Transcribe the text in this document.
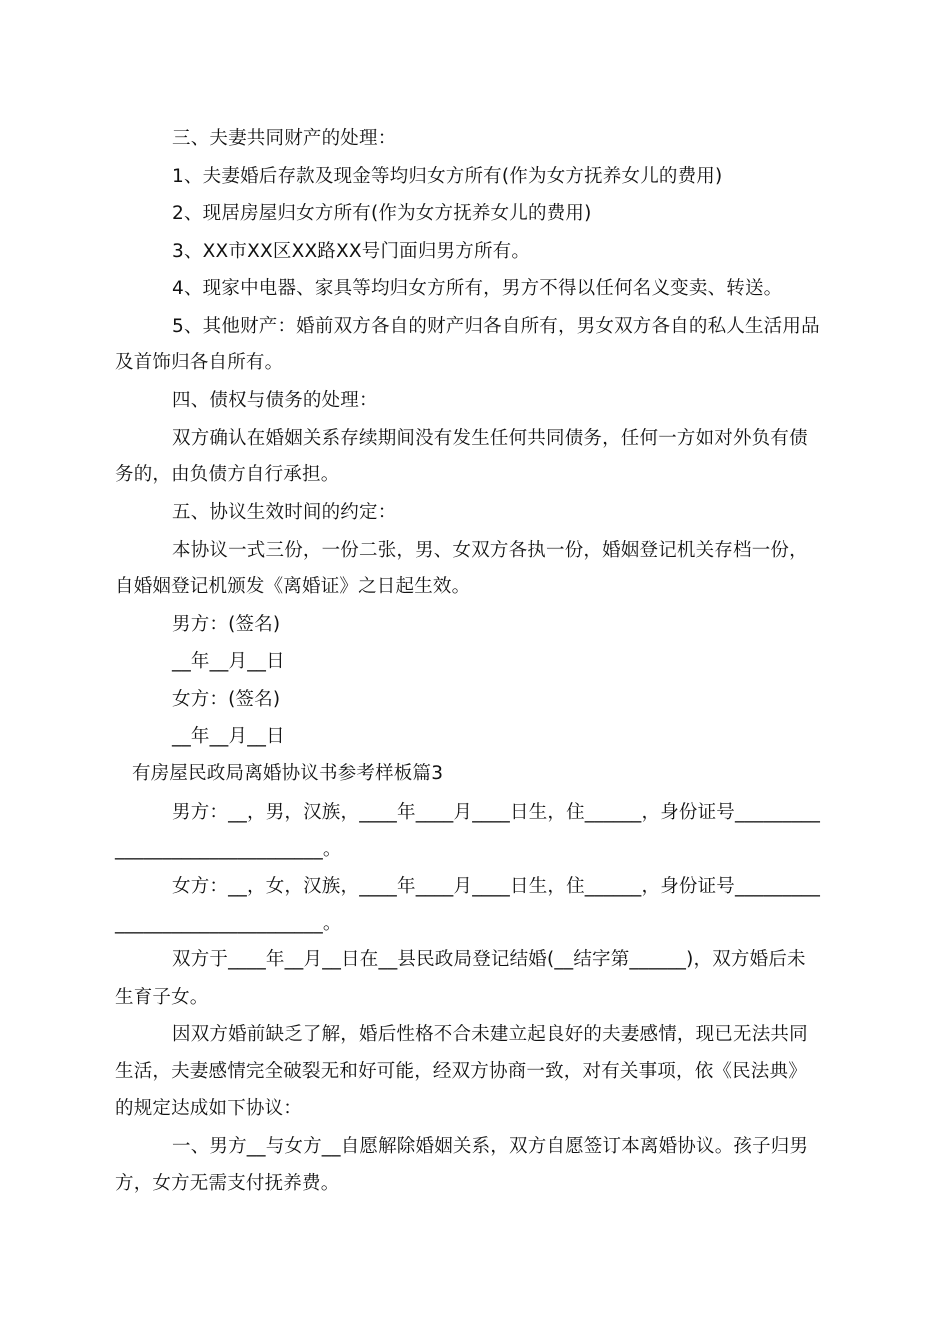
三、夫妻共同财产的处理：
1、夫妻婚后存款及现金等均归女方所有(作为女方抚养女儿的费用)
2、现居房屋归女方所有(作为女方抚养女儿的费用)
3、XX市XX区XX路XX号门面归男方所有。
4、现家中电器、家具等均归女方所有，男方不得以任何名义变卖、转送。
5、其他财产：婚前双方各自的财产归各自所有，男女双方各自的私人生活用品
及首饰归各自所有。
四、债权与债务的处理：
双方确认在婚姻关系存续期间没有发生任何共同债务，任何一方如对外负有债
务的，由负债方自行承担。
五、协议生效时间的约定：
本协议一式三份，一份二张，男、女双方各执一份，婚姻登记机关存档一份，
自婚姻登记机颁发《离婚证》之日起生效。
男方：(签名)
__年__月__日
女方：(签名)
__年__月__日
有房屋民政局离婚协议书参考样板篇3
男方：__，男，汉族，____年____月____日生，住______，身份证号_________
______________________。
女方：__，女，汉族，____年____月____日生，住______，身份证号_________
______________________。
双方于____年__月__日在__县民政局登记结婚(__结字第______)，双方婚后未
生育子女。
因双方婚前缺乏了解，婚后性格不合未建立起良好的夫妻感情，现已无法共同
生活，夫妻感情完全破裂无和好可能，经双方协商一致，对有关事项，依《民法典》
的规定达成如下协议：
一、男方__与女方__自愿解除婚姻关系，双方自愿签订本离婚协议。孩子归男
方，女方无需支付抚养费。
